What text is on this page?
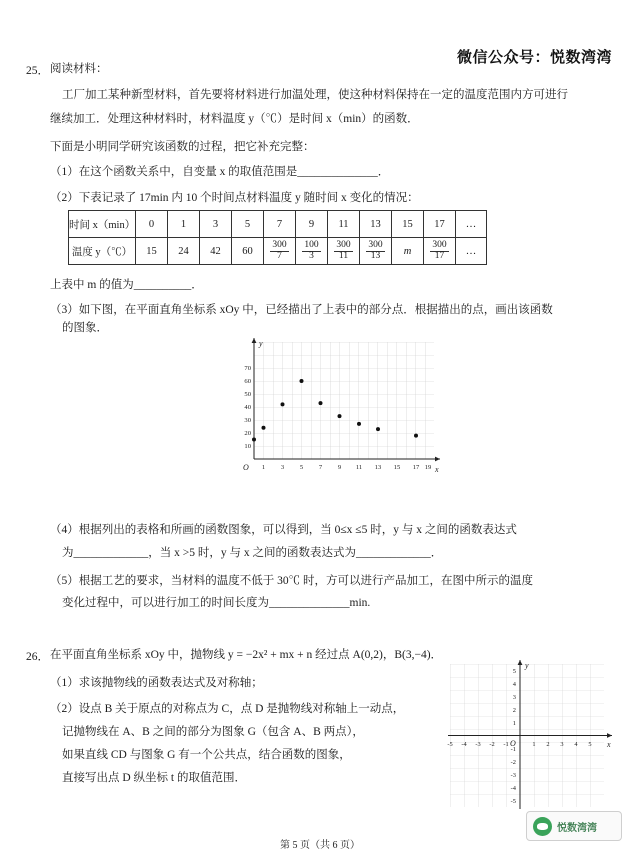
微信公众号：悦数湾湾
25． 阅读材料：
工厂加工某种新型材料，首先要将材料进行加温处理，使这种材料保持在一定的温度范围内方可进行
继续加工．处理这种材料时，材料温度 y（℃）是时间 x（min）的函数．
下面是小明同学研究该函数的过程，把它补充完整：
（1）在这个函数关系中，自变量 x 的取值范围是______________．
（2）下表记录了 17min 内 10 个时间点材料温度 y 随时间 x 变化的情况：
时间 x（min）	0	1	3	5	7	9	11	13	15	17	…
温度 y（℃）	15	24	42	60	$\frac{300}{7}$	$\frac{100}{3}$	$\frac{300}{11}$	$\frac{300}{13}$	m	$\frac{300}{17}$	…
上表中 m 的值为__________．
（3）如下图，在平面直角坐标系 xOy 中，已经描出了上表中的部分点．根据描出的点，画出该函数
的图象．
y
x
O
10
20
30
40
50
60
70
1 3 5 7 9 11 13 15 17 19
（4）根据列出的表格和所画的函数图象，可以得到，当 0≤x ≤5 时，y 与 x 之间的函数表达式
为_____________，当 x >5 时，y 与 x 之间的函数表达式为_____________．
（5）根据工艺的要求，当材料的温度不低于 30℃ 时，方可以进行产品加工，在图中所示的温度
变化过程中，可以进行加工的时间长度为______________min.
26． 在平面直角坐标系 xOy 中，抛物线 y = −2x² + mx + n 经过点 A(0,2)，B(3,−4)．
（1）求该抛物线的函数表达式及对称轴；
（2）设点 B 关于原点的对称点为 C，点 D 是抛物线对称轴上一动点，
记抛物线在 A、B 之间的部分为图象 G（包含 A、B 两点），
如果直线 CD 与图象 G 有一个公共点，结合函数的图象，
直接写出点 D 纵坐标 t 的取值范围．
y
x
O
-5 -4 -3 -2 -1	1 2 3 4 5
1
2
3
4
5
-1
-2
-3
-4
-5
第 5 页（共 6 页）
悦数湾湾
